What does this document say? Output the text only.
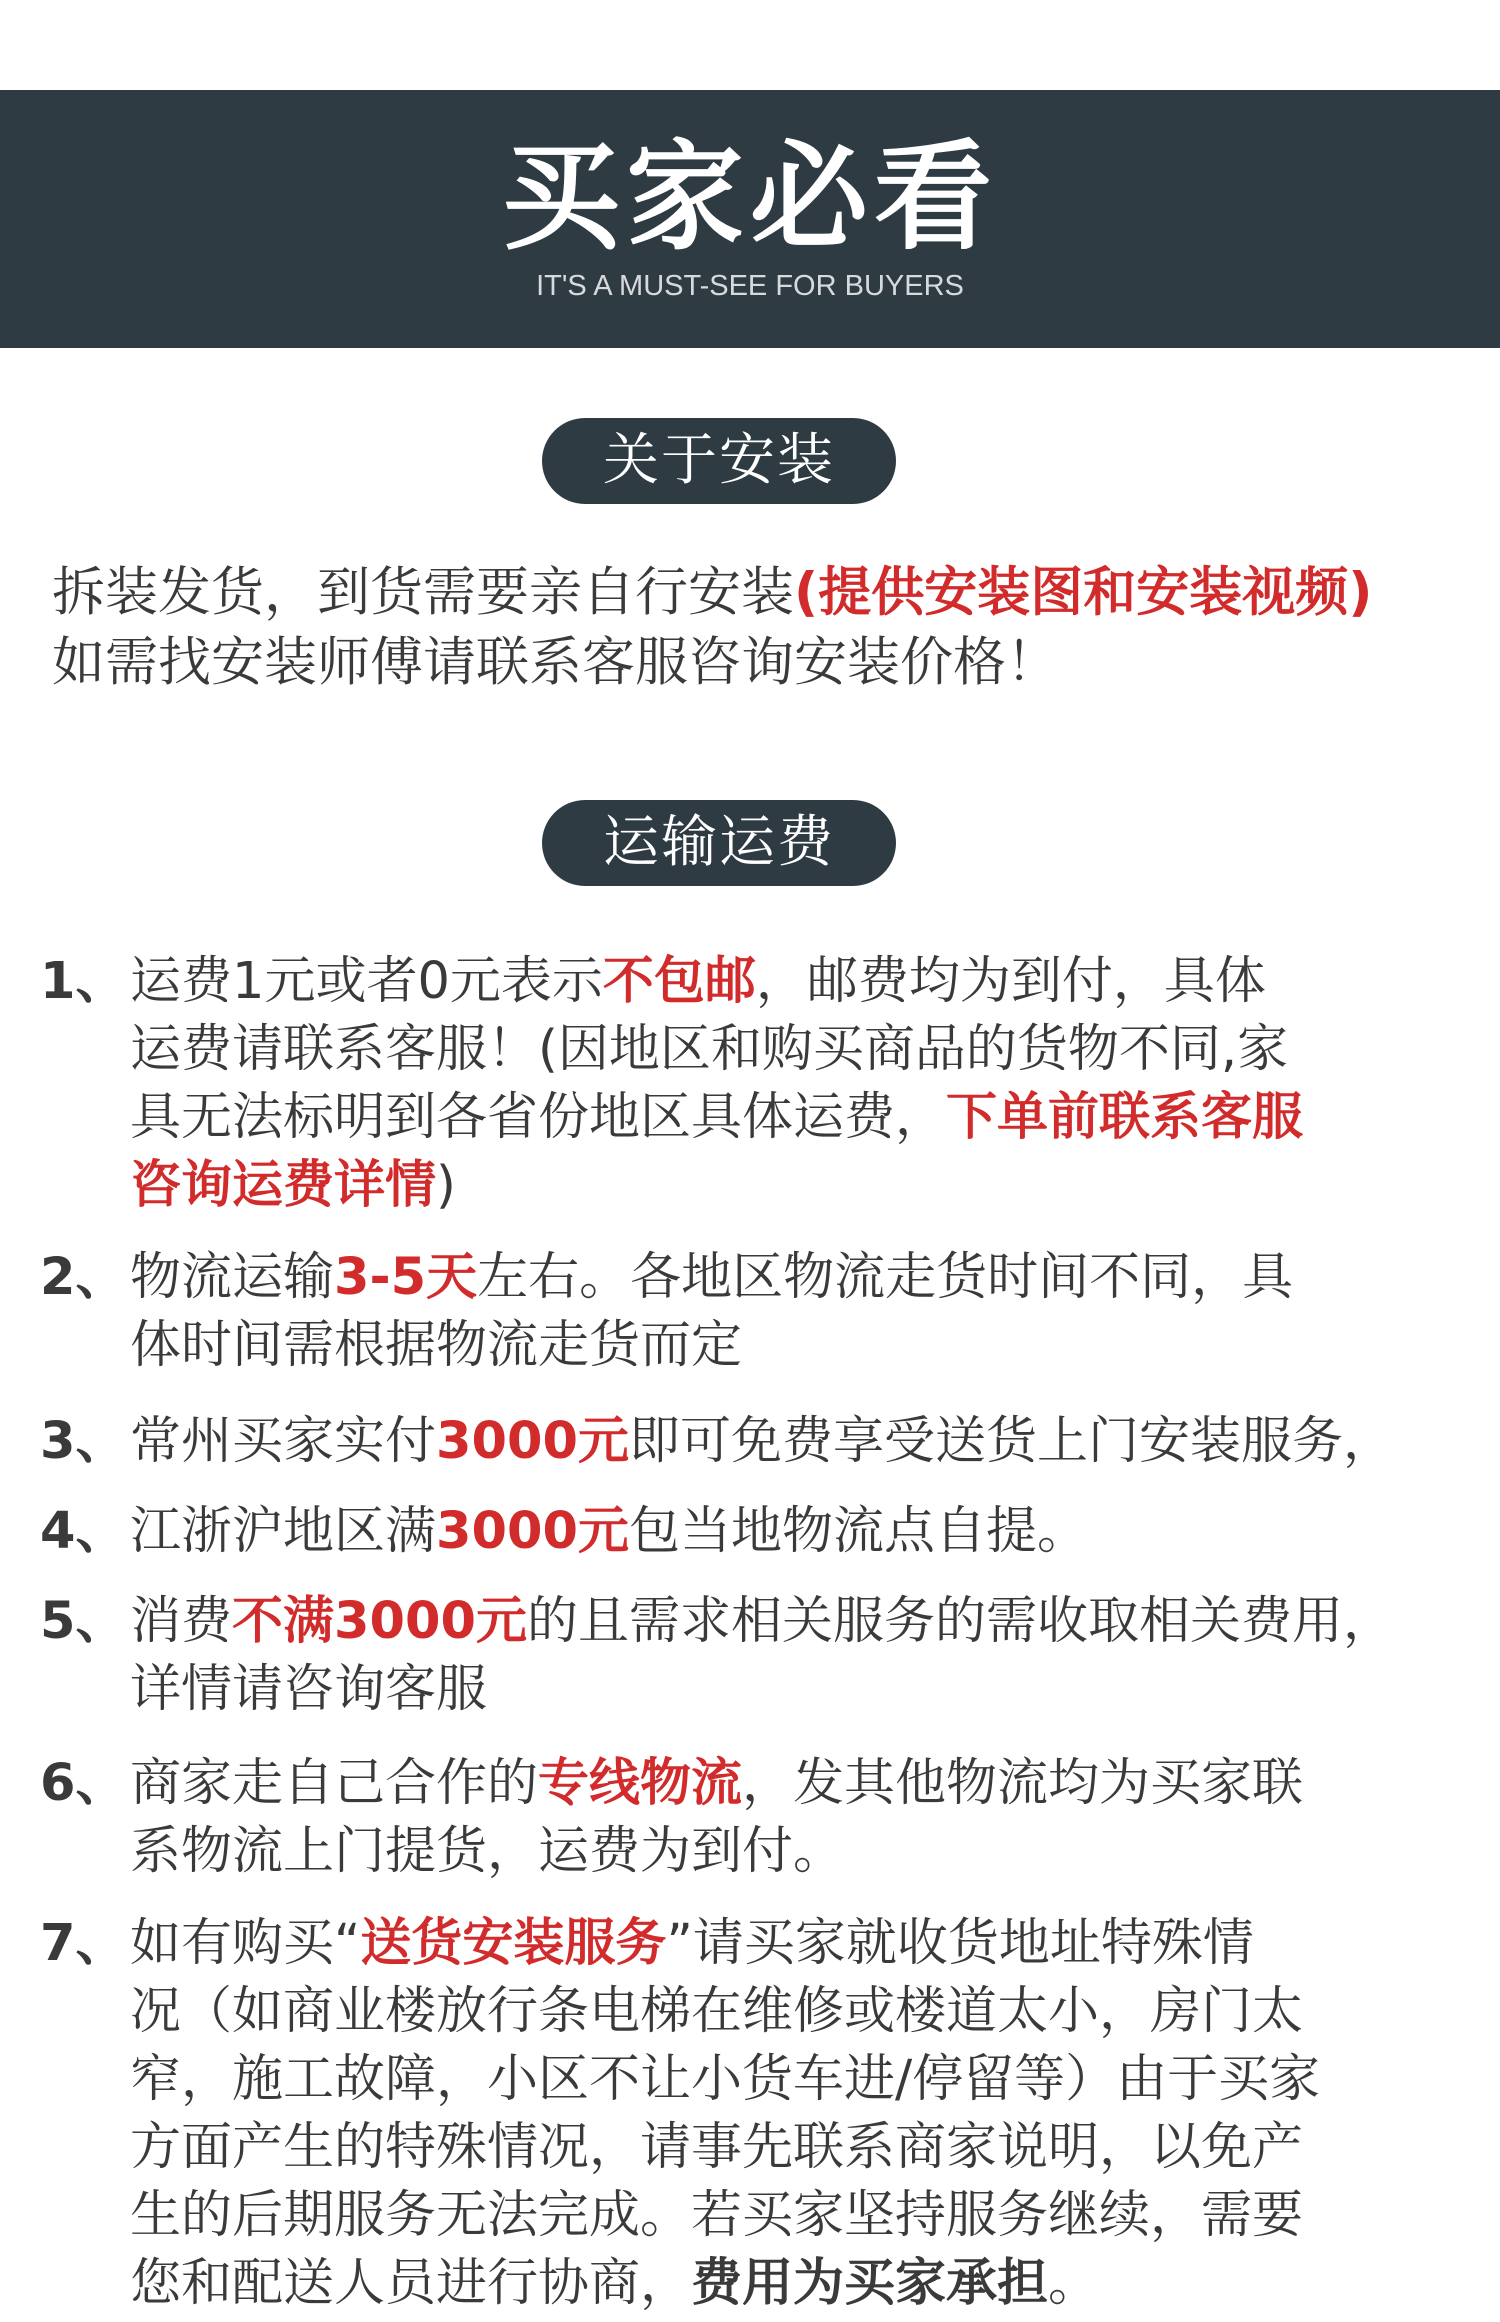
买家必看
IT'S A MUST-SEE FOR BUYERS
关于安装
拆装发货，到货需要亲自行安装(提供安装图和安装视频)
如需找安装师傅请联系客服咨询安装价格！
运输运费
1、 运费1元或者0元表示不包邮，邮费均为到付，具体
运费请联系客服！(因地区和购买商品的货物不同,家
具无法标明到各省份地区具体运费，下单前联系客服
咨询运费详情)
2、 物流运输3-5天左右。各地区物流走货时间不同，具
体时间需根据物流走货而定
3、 常州买家实付3000元即可免费享受送货上门安装服务，
4、 江浙沪地区满3000元包当地物流点自提。
5、 消费不满3000元的且需求相关服务的需收取相关费用，
详情请咨询客服
6、 商家走自己合作的专线物流，发其他物流均为买家联
系物流上门提货，运费为到付。
7、 如有购买“送货安装服务”请买家就收货地址特殊情
况（如商业楼放行条电梯在维修或楼道太小，房门太
窄，施工故障，小区不让小货车进/停留等）由于买家
方面产生的特殊情况，请事先联系商家说明，以免产
生的后期服务无法完成。若买家坚持服务继续，需要
您和配送人员进行协商，费用为买家承担。
